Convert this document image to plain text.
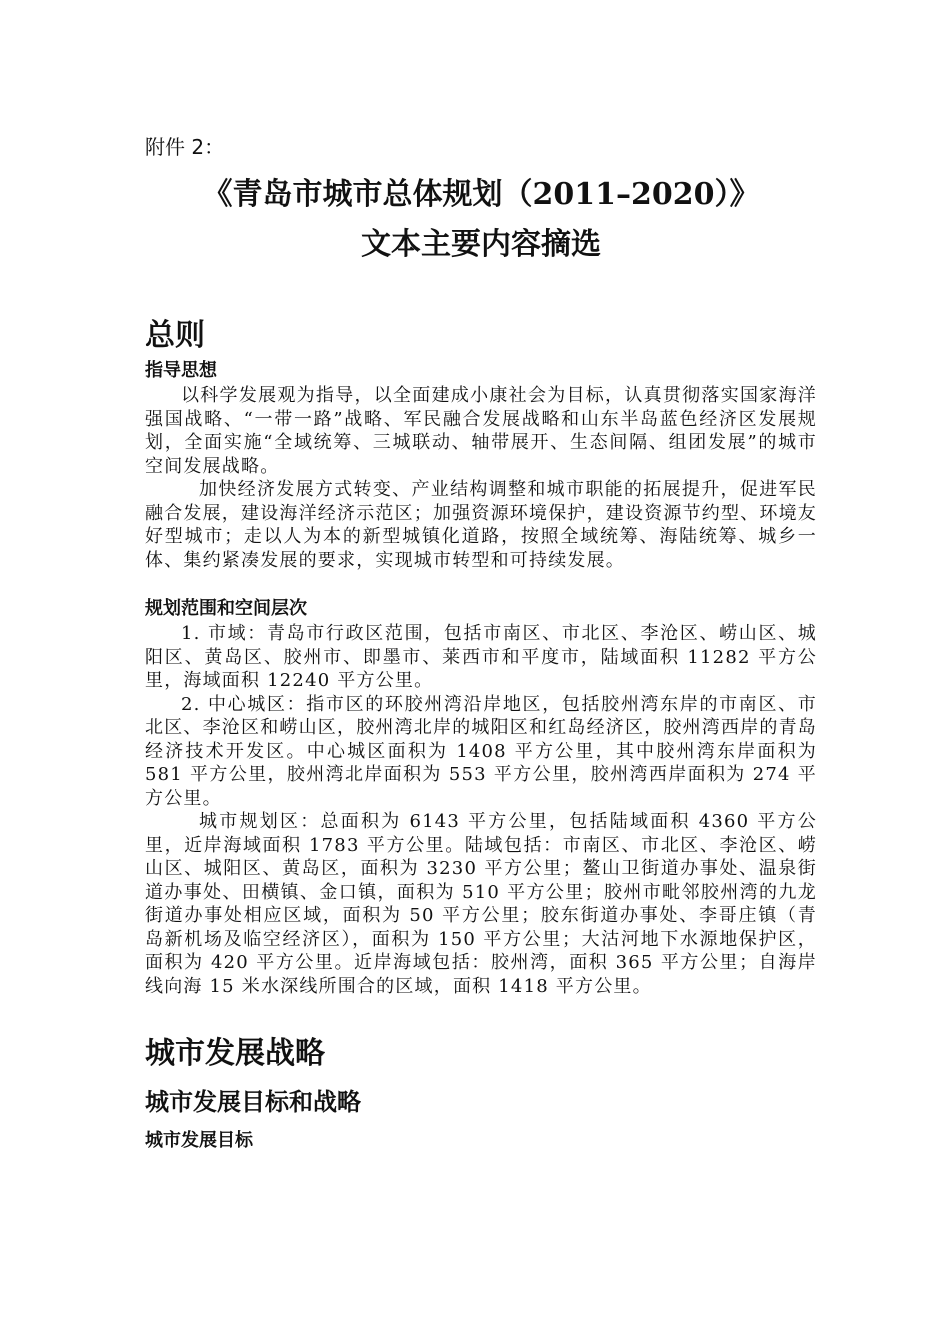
附件 2：

《青岛市城市总体规划（2011–2020）》

文本主要内容摘选

总则
指导思想

以科学发展观为指导，以全面建成小康社会为目标，认真贯彻落实国家海洋强国战略、“一带一路”战略、军民融合发展战略和山东半岛蓝色经济区发展规划，全面实施“全域统筹、三城联动、轴带展开、生态间隔、组团发展”的城市空间发展战略。

加快经济发展方式转变、产业结构调整和城市职能的拓展提升，促进军民融合发展，建设海洋经济示范区；加强资源环境保护，建设资源节约型、环境友好型城市；走以人为本的新型城镇化道路，按照全域统筹、海陆统筹、城乡一体、集约紧凑发展的要求，实现城市转型和可持续发展。

规划范围和空间层次

1. 市域：青岛市行政区范围，包括市南区、市北区、李沧区、崂山区、城阳区、黄岛区、胶州市、即墨市、莱西市和平度市，陆域面积 11282 平方公里，海域面积 12240 平方公里。

2. 中心城区：指市区的环胶州湾沿岸地区，包括胶州湾东岸的市南区、市北区、李沧区和崂山区，胶州湾北岸的城阳区和红岛经济区，胶州湾西岸的青岛经济技术开发区。中心城区面积为 1408 平方公里，其中胶州湾东岸面积为 581 平方公里，胶州湾北岸面积为 553 平方公里，胶州湾西岸面积为 274 平方公里。

城市规划区：总面积为 6143 平方公里，包括陆域面积 4360 平方公里，近岸海域面积 1783 平方公里。陆域包括：市南区、市北区、李沧区、崂山区、城阳区、黄岛区，面积为 3230 平方公里；鳌山卫街道办事处、温泉街道办事处、田横镇、金口镇，面积为 510 平方公里；胶州市毗邻胶州湾的九龙街道办事处相应区域，面积为 50 平方公里；胶东街道办事处、李哥庄镇（青岛新机场及临空经济区），面积为 150 平方公里；大沽河地下水源地保护区，面积为 420 平方公里。近岸海域包括：胶州湾，面积 365 平方公里；自海岸线向海 15 米水深线所围合的区域，面积 1418 平方公里。

城市发展战略
城市发展目标和战略
城市发展目标
